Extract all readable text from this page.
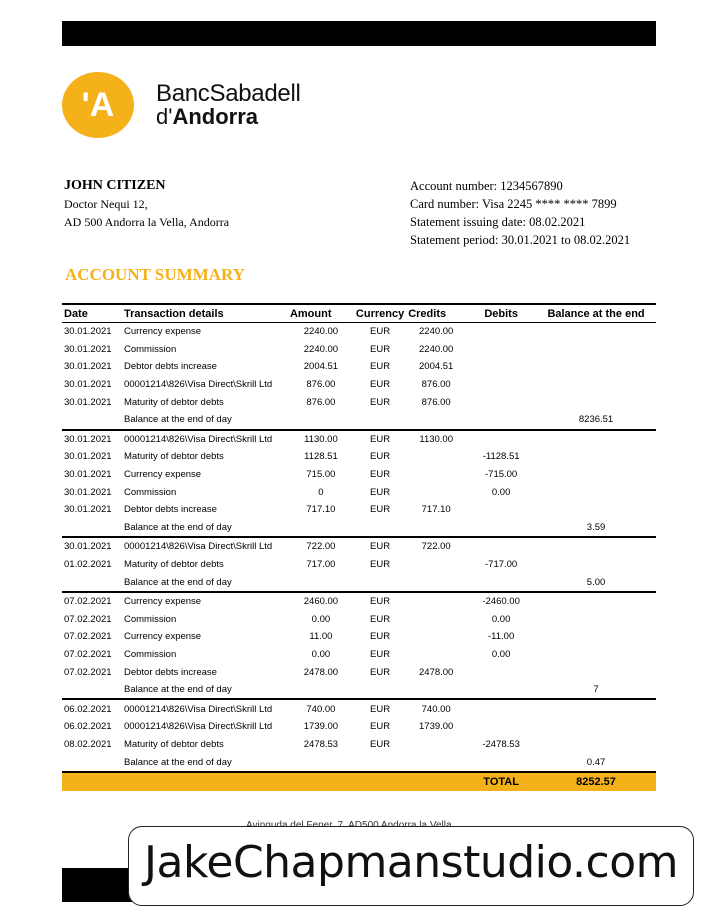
'A	BancSabadell
d'Andorra
JOHN CITIZEN
Doctor Nequi 12,
AD 500 Andorra la Vella, Andorra
Account number: 1234567890
Card number: Visa 2245 **** **** 7899
Statement issuing date: 08.02.2021
Statement period: 30.01.2021 to 08.02.2021
ACCOUNT SUMMARY
Date	Transaction details	Amount	Currency	Credits	Debits	Balance at the end
30.01.2021	Currency expense	2240.00	EUR	2240.00		
30.01.2021	Commission	2240.00	EUR	2240.00		
30.01.2021	Debtor debts increase	2004.51	EUR	2004.51		
30.01.2021	00001214\826\Visa Direct\Skrill Ltd	876.00	EUR	876.00		
30.01.2021	Maturity of debtor debts	876.00	EUR	876.00		
	Balance at the end of day					8236.51
30.01.2021	00001214\826\Visa Direct\Skrill Ltd	1130.00	EUR	1130.00		
30.01.2021	Maturity of debtor debts	1128.51	EUR		-1128.51	
30.01.2021	Currency expense	715.00	EUR		-715.00	
30.01.2021	Commission	0	EUR		0.00	
30.01.2021	Debtor debts increase	717.10	EUR	717.10		
	Balance at the end of day					3.59
30.01.2021	00001214\826\Visa Direct\Skrill Ltd	722.00	EUR	722.00		
01.02.2021	Maturity of debtor debts	717.00	EUR		-717.00	
	Balance at the end of day					5.00
07.02.2021	Currency expense	2460.00	EUR		-2460.00	
07.02.2021	Commission	0.00	EUR		0.00	
07.02.2021	Currency expense	11.00	EUR		-11.00	
07.02.2021	Commission	0.00	EUR		0.00	
07.02.2021	Debtor debts increase	2478.00	EUR	2478.00		
	Balance at the end of day					7
06.02.2021	00001214\826\Visa Direct\Skrill Ltd	740.00	EUR	740.00		
06.02.2021	00001214\826\Visa Direct\Skrill Ltd	1739.00	EUR	1739.00		
08.02.2021	Maturity of debtor debts	2478.53	EUR		-2478.53	
	Balance at the end of day					0.47
					TOTAL	8252.57
JakeChapmanstudio.com
